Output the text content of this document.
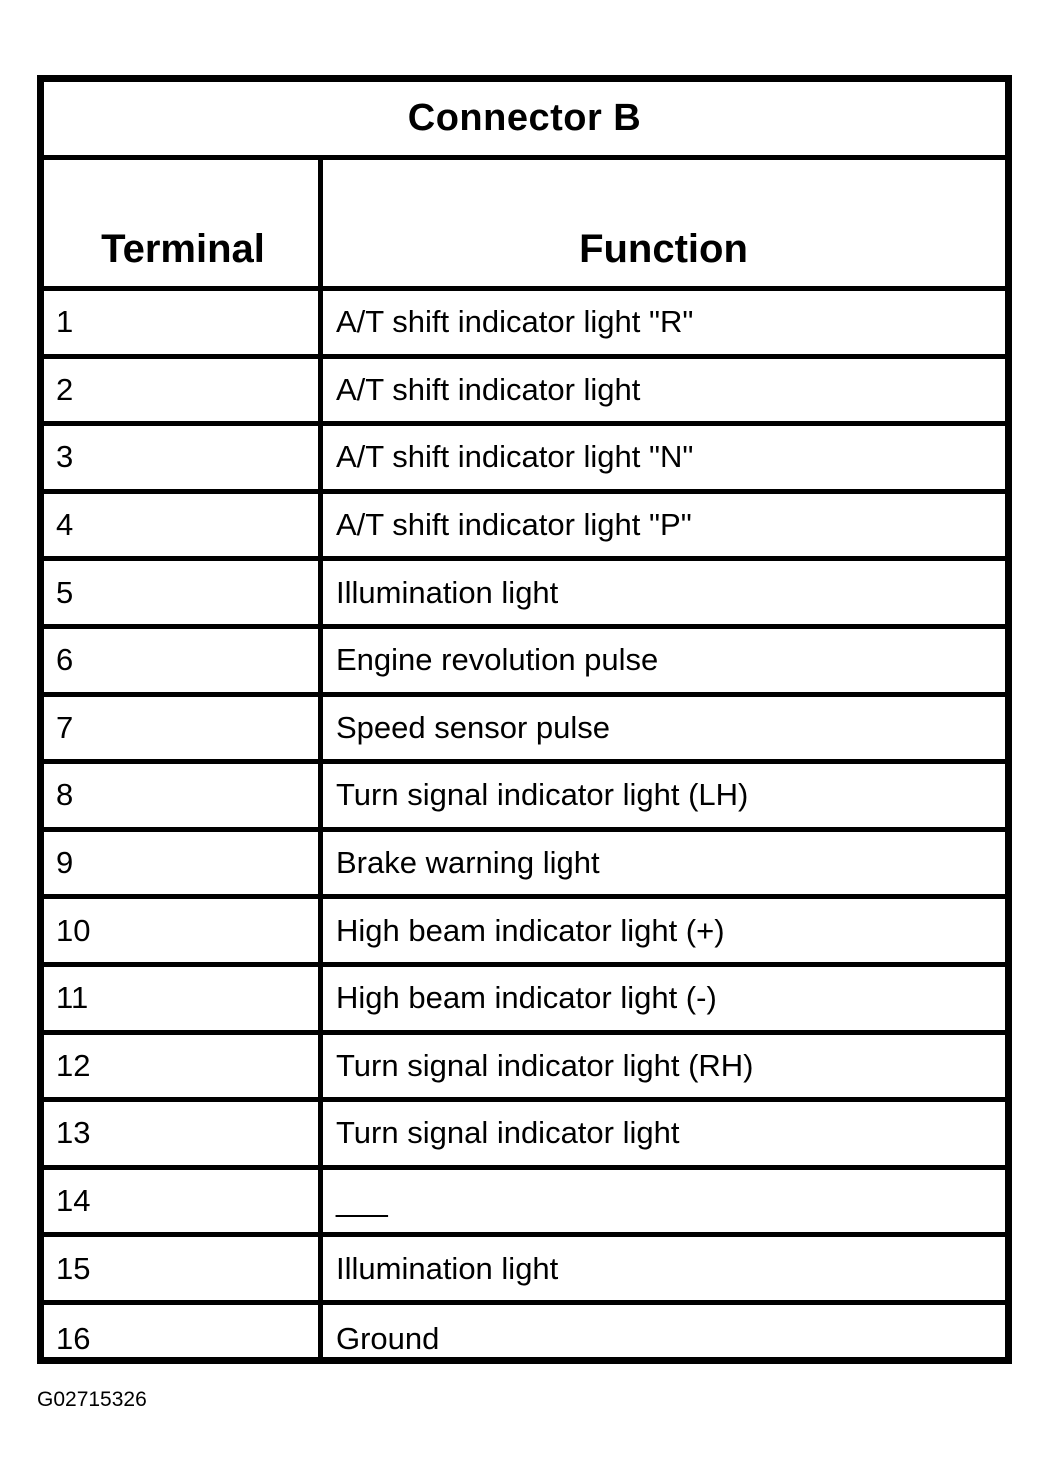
Connector B
Terminal	Function
1	A/T shift indicator light "R"
2	A/T shift indicator light
3	A/T shift indicator light "N"
4	A/T shift indicator light "P"
5	Illumination light
6	Engine revolution pulse
7	Speed sensor pulse
8	Turn signal indicator light (LH)
9	Brake warning light
10	High beam indicator light (+)
11	High beam indicator light (-)
12	Turn signal indicator light (RH)
13	Turn signal indicator light
14	___
15	Illumination light
16	Ground
G02715326
